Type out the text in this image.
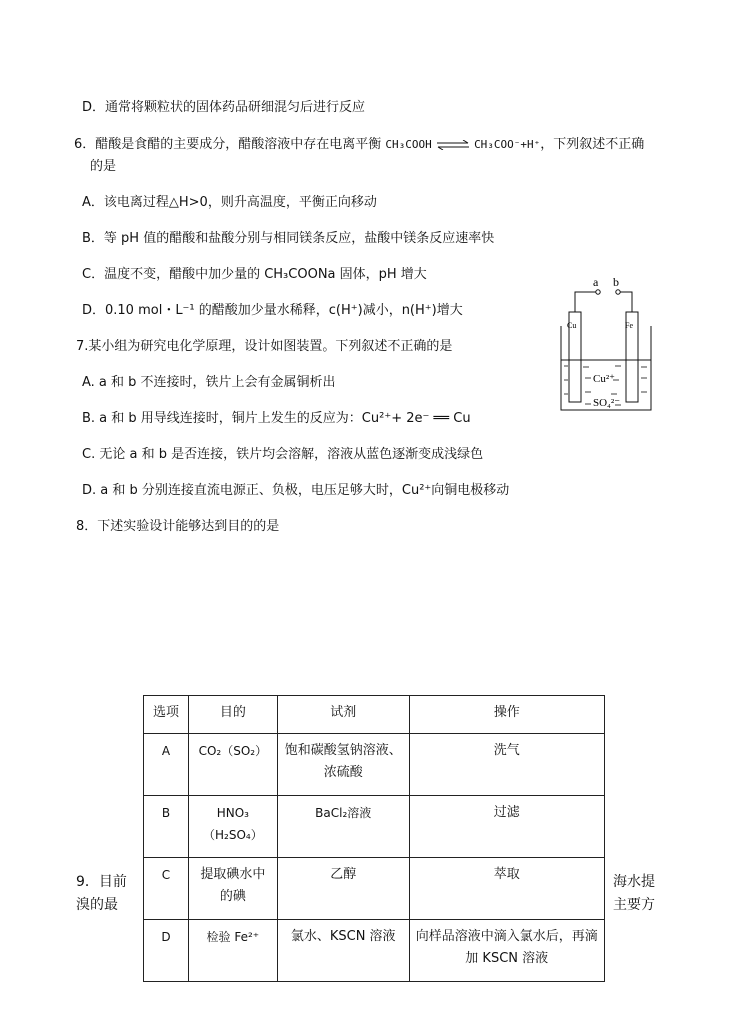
D．通常将颗粒状的固体药品研细混匀后进行反应
6．醋酸是食醋的主要成分，醋酸溶液中存在电离平衡 CH₃COOH ⇌ CH₃COO⁻+H⁺，下列叙述不正确
的是
A．该电离过程△H>0，则升高温度，平衡正向移动
B．等 pH 值的醋酸和盐酸分别与相同镁条反应，盐酸中镁条反应速率快
C．温度不变，醋酸中加少量的 CH₃COONa 固体，pH 增大
D．0.10 mol・L⁻¹ 的醋酸加少量水稀释，c(H⁺)减小，n(H⁺)增大
7.某小组为研究电化学原理，设计如图装置。下列叙述不正确的是
A. a 和 b 不连接时，铁片上会有金属铜析出
B. a 和 b 用导线连接时，铜片上发生的反应为：Cu²⁺+ 2e⁻ ══ Cu
C. 无论 a 和 b 是否连接，铁片均会溶解，溶液从蓝色逐渐变成浅绿色
D. a 和 b 分别连接直流电源正、负极，电压足够大时，Cu²⁺向铜电极移动
a b
Cu	Fe
Cu²⁺
SO₄²⁻
8．下述实验设计能够达到目的的是
9．目前
溴的最
海水提
主要方
选项	目的	试剂	操作
A	CO₂（SO₂）	饱和碳酸氢钠溶液、浓硫酸	洗气
B	HNO₃（H₂SO₄）	BaCl₂溶液	过滤
C	提取碘水中的碘	乙醇	萃取
D	检验 Fe²⁺	氯水、KSCN 溶液	向样品溶液中滴入氯水后，再滴加 KSCN 溶液
